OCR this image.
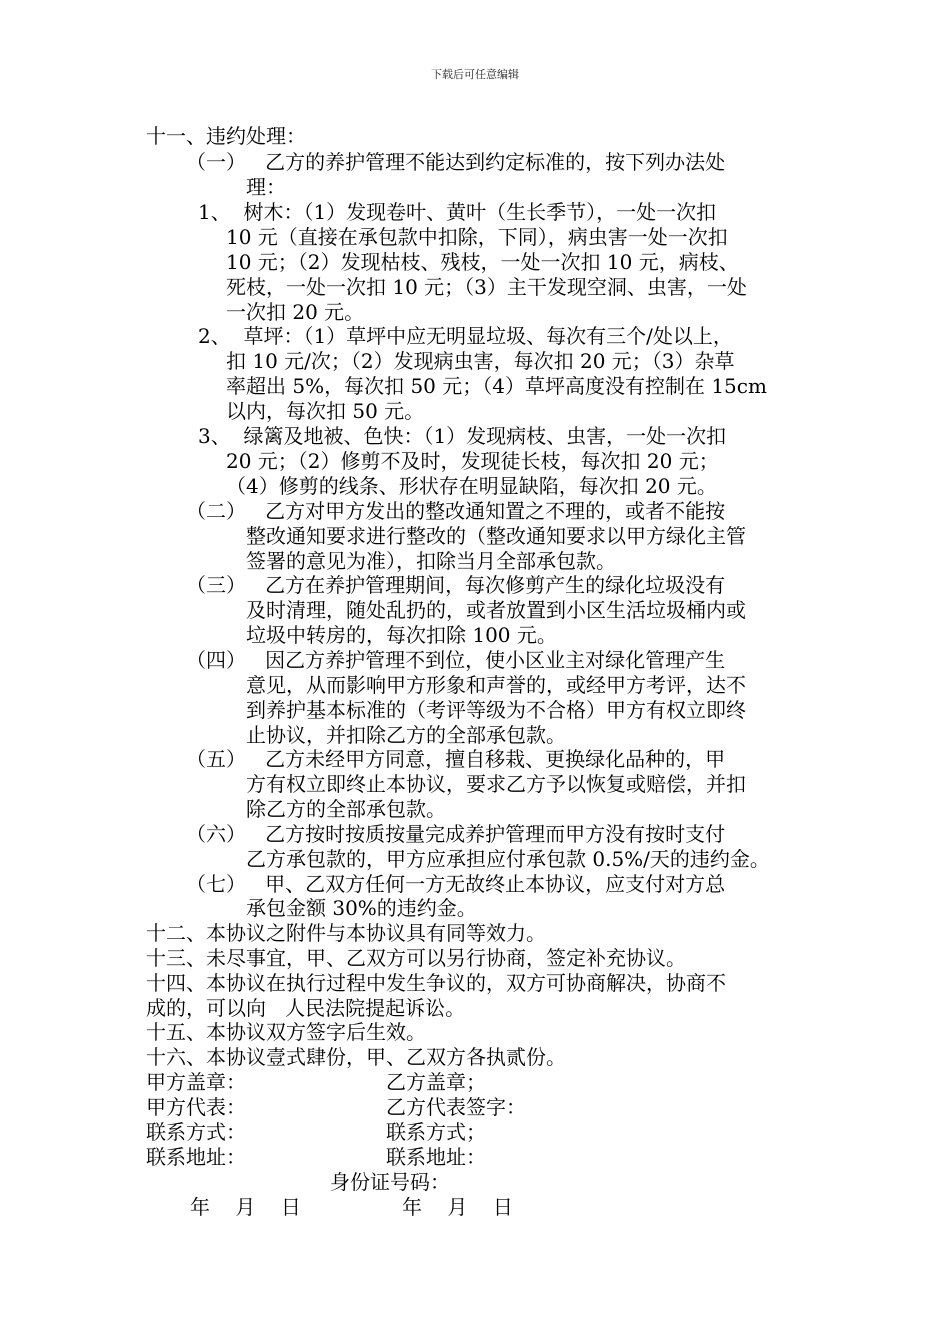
下载后可任意编辑
十一、违约处理：
（一）   乙方的养护管理不能达到约定标准的，按下列办法处
理：
1、  树木：（1）发现卷叶、黄叶（生长季节），一处一次扣
10 元（直接在承包款中扣除，下同），病虫害一处一次扣
10 元；（2）发现枯枝、残枝，一处一次扣 10 元，病枝、
死枝，一处一次扣 10 元；（3）主干发现空洞、虫害，一处
一次扣 20 元。
2、  草坪：（1）草坪中应无明显垃圾、每次有三个/处以上，
扣 10 元/次；（2）发现病虫害，每次扣 20 元；（3）杂草
率超出 5%，每次扣 50 元；（4）草坪高度没有控制在 15cm
以内，每次扣 50 元。
3、  绿篱及地被、色快：（1）发现病枝、虫害，一处一次扣
20 元；（2）修剪不及时，发现徒长枝，每次扣 20 元；
（4）修剪的线条、形状存在明显缺陷，每次扣 20 元。
（二）   乙方对甲方发出的整改通知置之不理的，或者不能按
整改通知要求进行整改的（整改通知要求以甲方绿化主管
签署的意见为准），扣除当月全部承包款。
（三）   乙方在养护管理期间，每次修剪产生的绿化垃圾没有
及时清理，随处乱扔的，或者放置到小区生活垃圾桶内或
垃圾中转房的，每次扣除 100 元。
（四）   因乙方养护管理不到位，使小区业主对绿化管理产生
意见，从而影响甲方形象和声誉的，或经甲方考评，达不
到养护基本标准的（考评等级为不合格）甲方有权立即终
止协议，并扣除乙方的全部承包款。
（五）   乙方未经甲方同意，擅自移栽、更换绿化品种的，甲
方有权立即终止本协议，要求乙方予以恢复或赔偿，并扣
除乙方的全部承包款。
（六）   乙方按时按质按量完成养护管理而甲方没有按时支付
乙方承包款的，甲方应承担应付承包款 0.5%/天的违约金。
（七）   甲、乙双方任何一方无故终止本协议，应支付对方总
承包金额 30%的违约金。
十二、本协议之附件与本协议具有同等效力。
十三、未尽事宜，甲、乙双方可以另行协商，签定补充协议。
十四、本协议在执行过程中发生争议的，双方可协商解决，协商不
成的，可以向   人民法院提起诉讼。
十五、本协议双方签字后生效。
十六、本协议壹式肆份，甲、乙双方各执贰份。
甲方盖章：	乙方盖章；
甲方代表：	乙方代表签字：
联系方式：	联系方式；
联系地址：	联系地址：
身份证号码：
年    月    日	年    月    日
